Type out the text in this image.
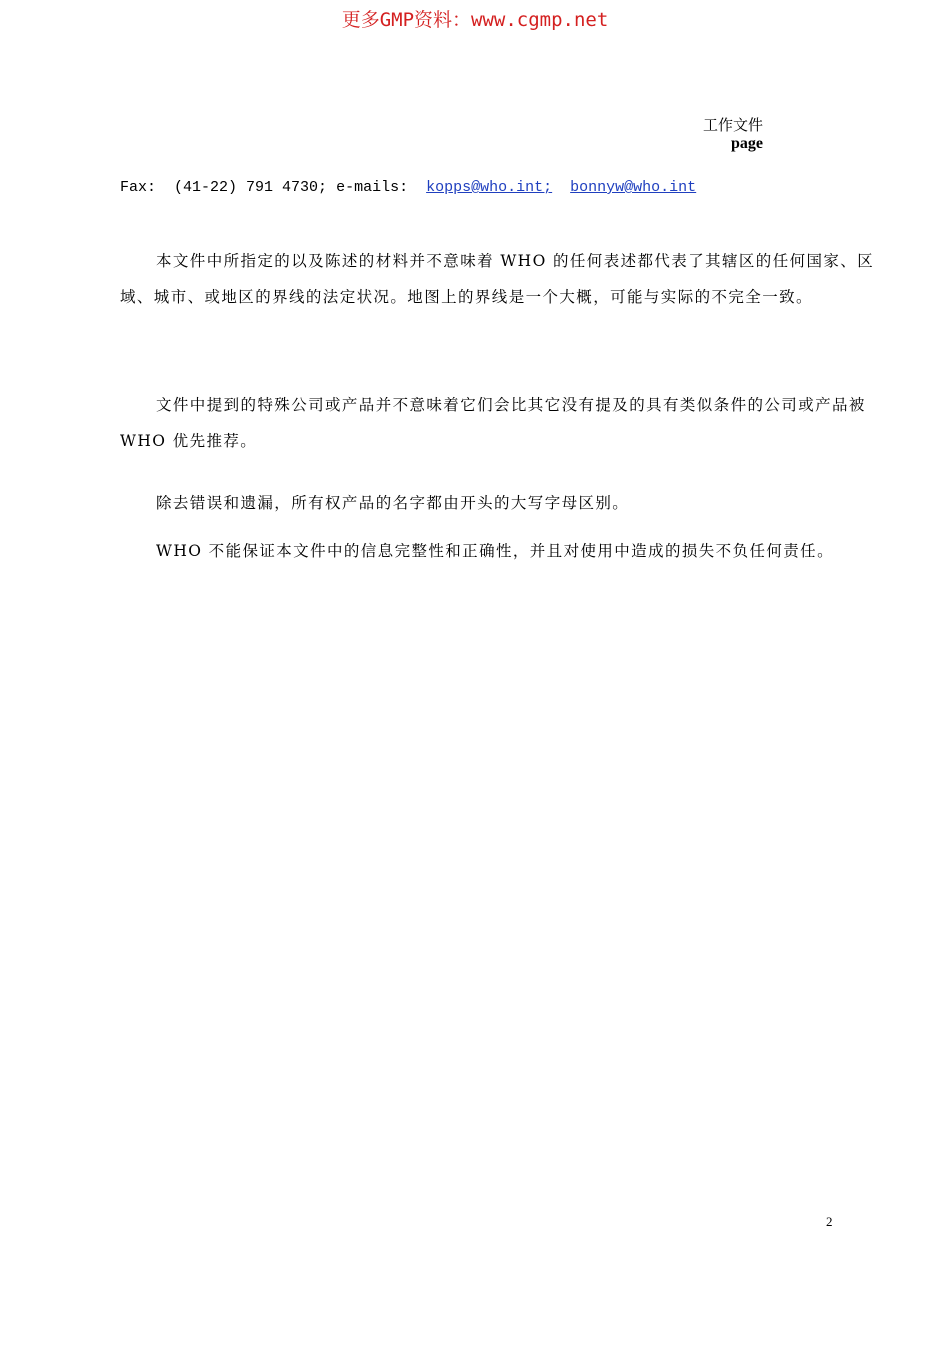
更多GMP资料：www.cgmp.net
工作文件
page
Fax: (41-22) 791 4730; e-mails: kopps@who.int; bonnyw@who.int

本文件中所指定的以及陈述的材料并不意味着 WHO 的任何表述都代表了其辖区的任何国家、区域、城市、或地区的界线的法定状况。地图上的界线是一个大概，可能与实际的不完全一致。

文件中提到的特殊公司或产品并不意味着它们会比其它没有提及的具有类似条件的公司或产品被 WHO 优先推荐。

除去错误和遗漏，所有权产品的名字都由开头的大写字母区别。

WHO 不能保证本文件中的信息完整性和正确性，并且对使用中造成的损失不负任何责任。

2
